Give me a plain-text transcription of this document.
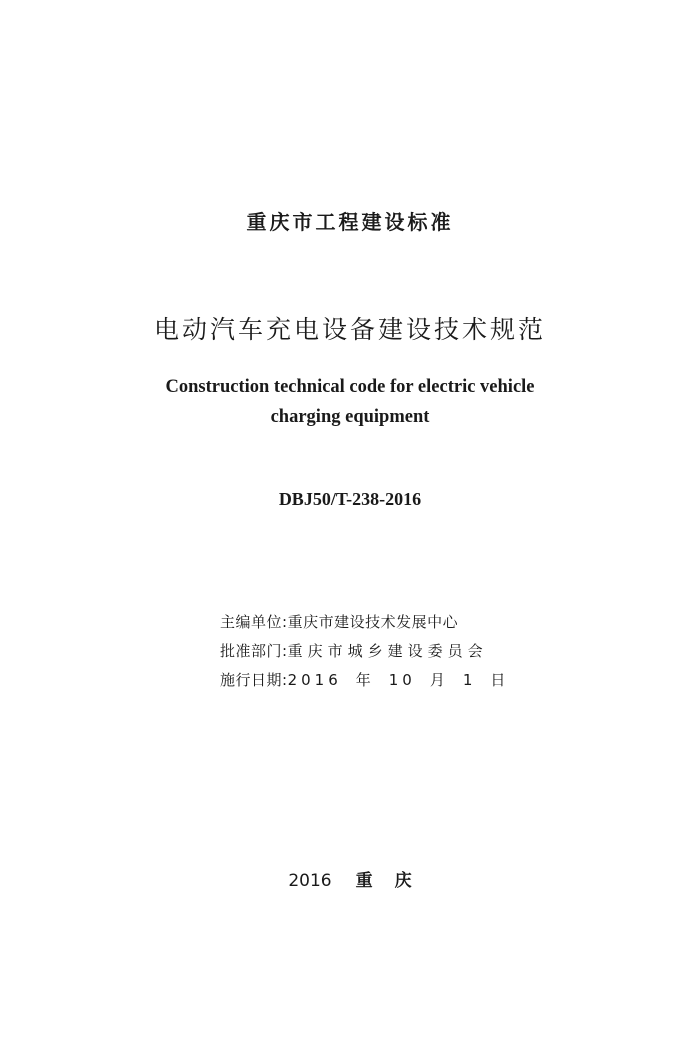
重庆市工程建设标准
电动汽车充电设备建设技术规范
Construction technical code for electric vehicle
charging equipment
DBJ50/T-238-2016
主编单位:重庆市建设技术发展中心
批准部门:重庆市城乡建设委员会
施行日期:2016 年 10 月 1 日
2016 重 庆
